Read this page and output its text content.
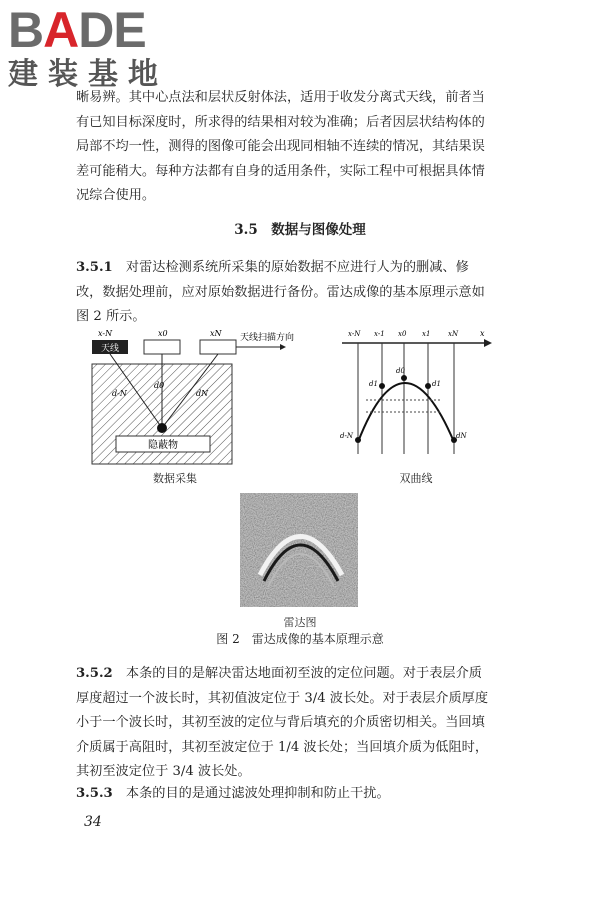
BADE
建装基地

晰易辨。其中心点法和层状反射体法，适用于收发分离式天线，前者当有已知目标深度时，所求得的结果相对较为准确；后者因层状结构体的局部不均一性，测得的图像可能会出现同相轴不连续的情况，其结果误差可能稍大。每种方法都有自身的适用条件，实际工程中可根据具体情况综合使用。

3.5　数据与图像处理

3.5.1　 对雷达检测系统所采集的原始数据不应进行人为的删减、修改，数据处理前，应对原始数据进行备份。雷达成像的基本原理示意如图 2 所示。

天线
x-N	x0	xN 天线扫描方向
隐蔽物
d-N
d0
dN
x-N x-1 x0 x1	xN	x
d0
d1	d1
d-N	dN
数据采集	双曲线
雷达图
图 2　雷达成像的基本原理示意

3.5.2　 本条的目的是解决雷达地面初至波的定位问题。对于表层介质厚度超过一个波长时，其初值波定位于 3/4 波长处。对于表层介质厚度小于一个波长时，其初至波的定位与背后填充的介质密切相关。当回填介质属于高阻时，其初至波定位于 1/4 波长处；当回填介质为低阻时，其初至波定位于 3/4 波长处。

3.5.3　 本条的目的是通过滤波处理抑制和防止干扰。

34
